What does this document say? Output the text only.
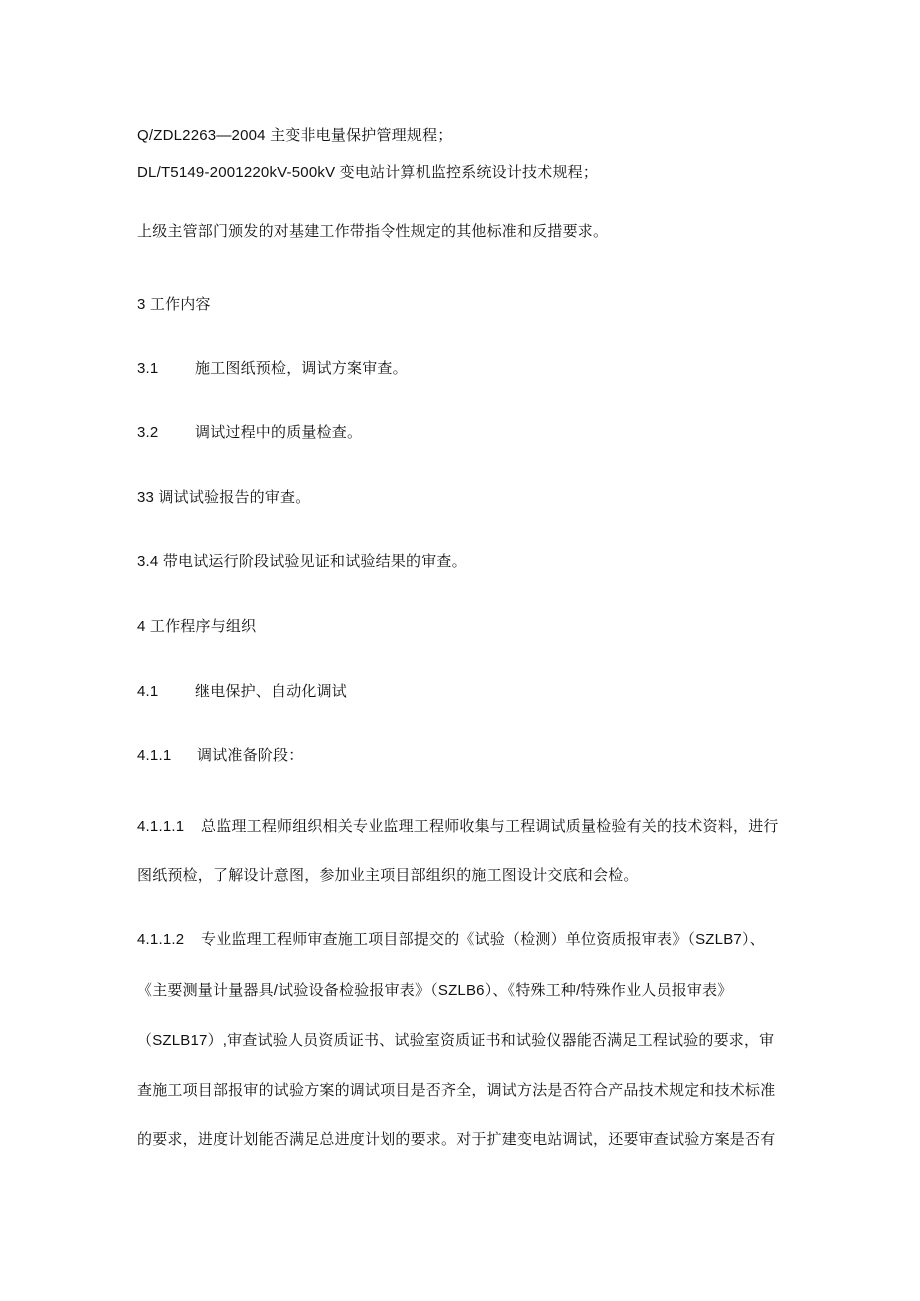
Q/ZDL2263—2004 主变非电量保护管理规程；
DL/T5149-2001220kV-500kV 变电站计算机监控系统设计技术规程；
上级主管部门颁发的对基建工作带指令性规定的其他标准和反措要求。
3 工作内容
3.1 施工图纸预检，调试方案审查。
3.2 调试过程中的质量检查。
33 调试试验报告的审查。
3.4 带电试运行阶段试验见证和试验结果的审查。
4 工作程序与组织
4.1 继电保护、自动化调试
4.1.1 调试准备阶段：
4.1.1.1 总监理工程师组织相关专业监理工程师收集与工程调试质量检验有关的技术资料，进行
图纸预检，了解设计意图，参加业主项目部组织的施工图设计交底和会检。
4.1.1.2 专业监理工程师审查施工项目部提交的《试验（检测）单位资质报审表》（SZLB7）、
《主要测量计量器具/试验设备检验报审表》（SZLB6）、《特殊工种/特殊作业人员报审表》
（SZLB17）,审查试验人员资质证书、试验室资质证书和试验仪器能否满足工程试验的要求，审
查施工项目部报审的试验方案的调试项目是否齐全，调试方法是否符合产品技术规定和技术标准
的要求，进度计划能否满足总进度计划的要求。对于扩建变电站调试，还要审查试验方案是否有
